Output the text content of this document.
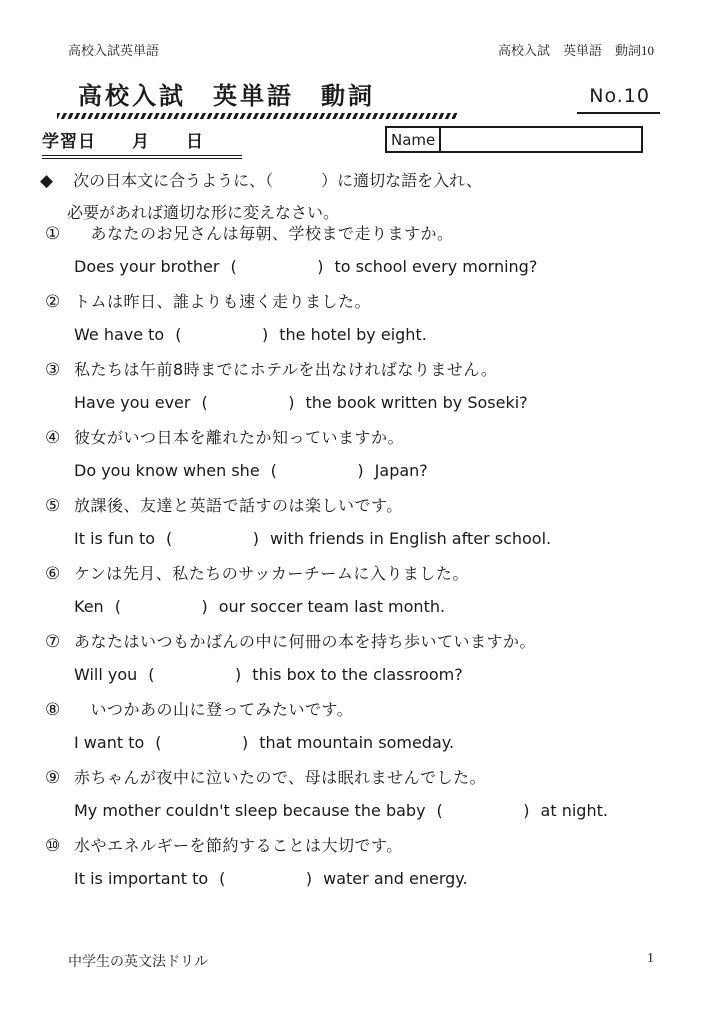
高校入試英単語	高校入試　英単語　動詞10
高校入試　英単語　動詞	No.10
学習日　　月　　日	Name
◆ 次の日本文に合うように、（　　　）に適切な語を入れ、
必要があれば適切な形に変えなさい。
① 　あなたのお兄さんは毎朝、学校まで走りますか。
Does your brother (	) to school every morning?
② トムは昨日、誰よりも速く走りました。
We have to (	) the hotel by eight.
③ 私たちは午前8時までにホテルを出なければなりません。
Have you ever (	) the book written by Soseki?
④ 彼女がいつ日本を離れたか知っていますか。
Do you know when she (	) Japan?
⑤ 放課後、友達と英語で話すのは楽しいです。
It is fun to (	) with friends in English after school.
⑥ ケンは先月、私たちのサッカーチームに入りました。
Ken (	) our soccer team last month.
⑦ あなたはいつもかばんの中に何冊の本を持ち歩いていますか。
Will you (	) this box to the classroom?
⑧ 　いつかあの山に登ってみたいです。
I want to (	) that mountain someday.
⑨ 赤ちゃんが夜中に泣いたので、母は眠れませんでした。
My mother couldn't sleep because the baby (	) at night.
⑩ 水やエネルギーを節約することは大切です。
It is important to (	) water and energy.
中学生の英文法ドリル	1
